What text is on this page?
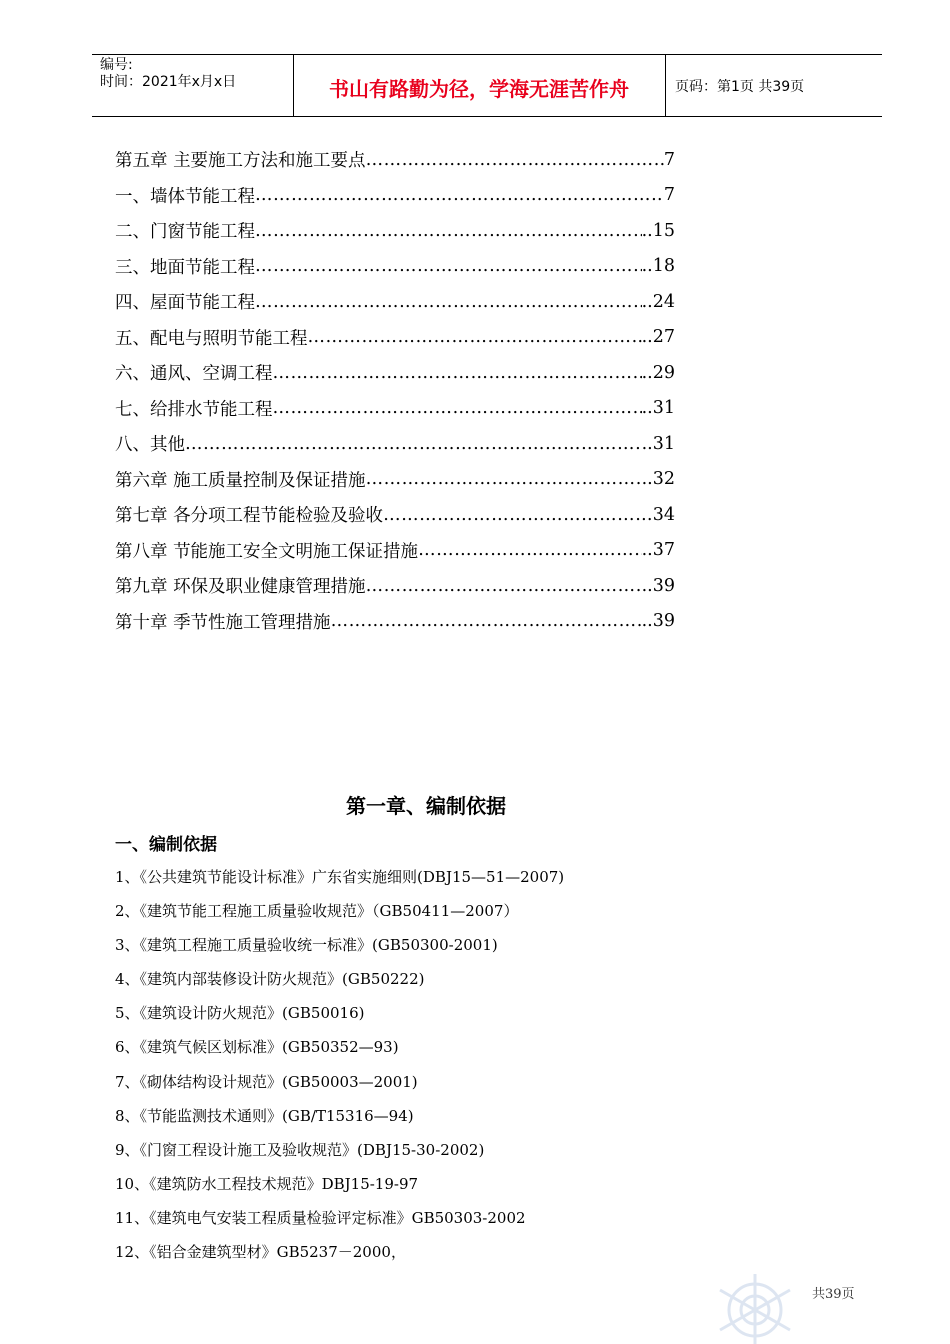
编号:
时间：2021年x月x日	书山有路勤为径，学海无涯苦作舟	页码：第1页 共39页
第五章 主要施工方法和施工要点 ……………………………………………………………………………………………………………………………	7
一、墙体节能工程 ……………………………………………………………………………………………………………………………	7
二、门窗节能工程 ……………………………………………………………………………………………………………………………	..15
三、地面节能工程 ……………………………………………………………………………………………………………………………	..18
四、屋面节能工程 ……………………………………………………………………………………………………………………………	..24
五、配电与照明节能工程 ……………………………………………………………………………………………………………………………	..27
六、通风、空调工程 ……………………………………………………………………………………………………………………………	..29
七、给排水节能工程 ……………………………………………………………………………………………………………………………	..31
八、其他 ……………………………………………………………………………………………………………………………	..31
第六章 施工质量控制及保证措施 ……………………………………………………………………………………………………………………………	..32
第七章 各分项工程节能检验及验收 ……………………………………………………………………………………………………………………………	34
第八章 节能施工安全文明施工保证措施 ……………………………………………………………………………………………………………………………	..37
第九章 环保及职业健康管理措施 ……………………………………………………………………………………………………………………………	..39
第十章 季节性施工管理措施 ……………………………………………………………………………………………………………………………	..39
第一章、编制依据
一、编制依据
1、《公共建筑节能设计标准》广东省实施细则(DBJ15—51—2007)
2、《建筑节能工程施工质量验收规范》（GB50411—2007）
3、《建筑工程施工质量验收统一标准》(GB50300-2001)
4、《建筑内部装修设计防火规范》(GB50222)
5、《建筑设计防火规范》(GB50016)
6、《建筑气候区划标准》(GB50352—93)
7、《砌体结构设计规范》(GB50003—2001)
8、《节能监测技术通则》(GB/T15316—94)
9、《门窗工程设计施工及验收规范》(DBJ15-30-2002)
10、《建筑防水工程技术规范》DBJ15-19-97
11、《建筑电气安装工程质量检验评定标准》GB50303-2002
12、《铝合金建筑型材》GB5237－2000，
共39页
